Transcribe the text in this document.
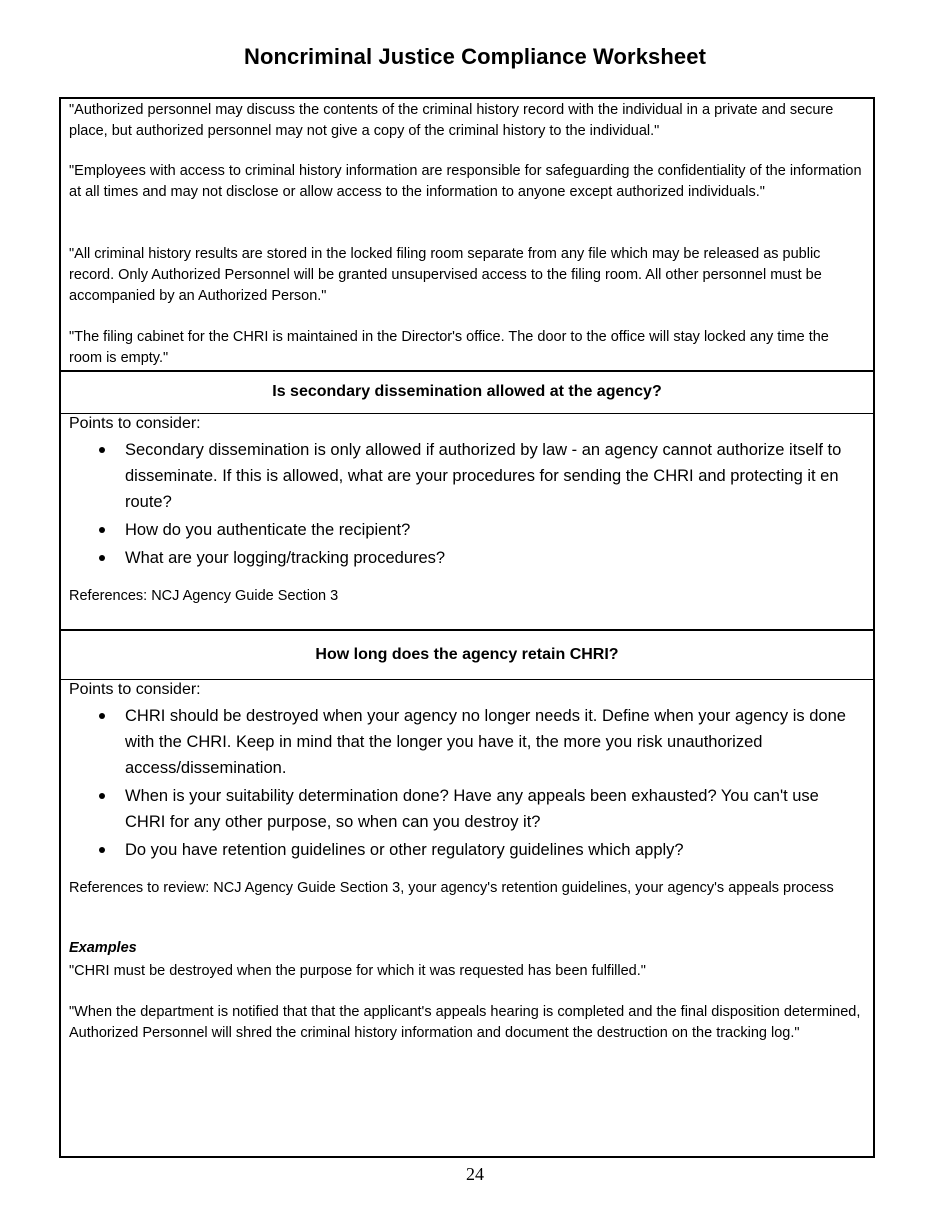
Noncriminal Justice Compliance Worksheet
"Authorized personnel may discuss the contents of the criminal history record with the individual in a private and secure place, but authorized personnel may not give a copy of the criminal history to the individual."
"Employees with access to criminal history information are responsible for safeguarding the confidentiality of the information at all times and may not disclose or allow access to the information to anyone except authorized individuals."
"All criminal history results are stored in the locked filing room separate from any file which may be released as public record. Only Authorized Personnel will be granted unsupervised access to the filing room. All other personnel must be accompanied by an Authorized Person."
"The filing cabinet for the CHRI is maintained in the Director's office. The door to the office will stay locked any time the room is empty."
Is secondary dissemination allowed at the agency?
Points to consider:
Secondary dissemination is only allowed if authorized by law - an agency cannot authorize itself to disseminate. If this is allowed, what are your procedures for sending the CHRI and protecting it en route?
How do you authenticate the recipient?
What are your logging/tracking procedures?
References: NCJ Agency Guide Section 3
How long does the agency retain CHRI?
Points to consider:
CHRI should be destroyed when your agency no longer needs it. Define when your agency is done with the CHRI. Keep in mind that the longer you have it, the more you risk unauthorized access/dissemination.
When is your suitability determination done? Have any appeals been exhausted? You can't use CHRI for any other purpose, so when can you destroy it?
Do you have retention guidelines or other regulatory guidelines which apply?
References to review: NCJ Agency Guide Section 3, your agency's retention guidelines, your agency's appeals process
Examples
"CHRI must be destroyed when the purpose for which it was requested has been fulfilled."
"When the department is notified that that the applicant's appeals hearing is completed and the final disposition determined, Authorized Personnel will shred the criminal history information and document the destruction on the tracking log."
24
